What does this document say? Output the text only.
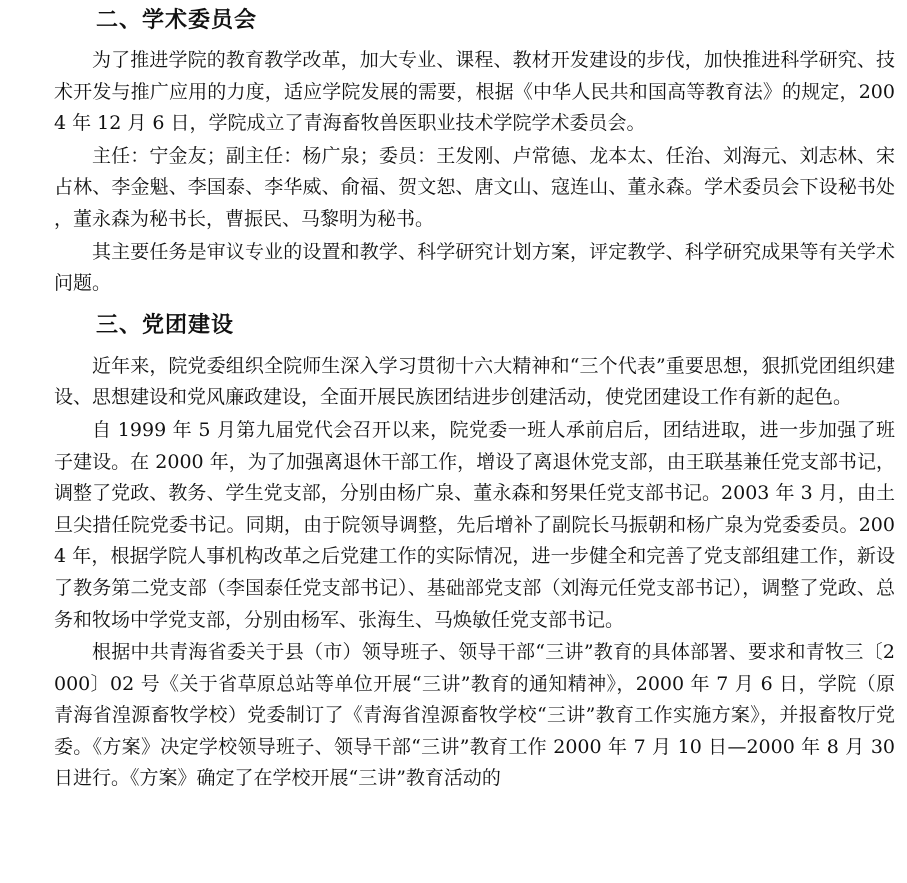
二、学术委员会

为了推进学院的教育教学改革，加大专业、课程、教材开发建设的步伐，加快推进科学研究、技术开发与推广应用的力度，适应学院发展的需要，根据《中华人民共和国高等教育法》的规定，2004 年 12 月 6 日，学院成立了青海畜牧兽医职业技术学院学术委员会。

主任：宁金友；副主任：杨广泉；委员：王发刚、卢常德、龙本太、任治、刘海元、刘志林、宋占林、李金魁、李国泰、李华威、俞福、贺文恕、唐文山、寇连山、董永森。学术委员会下设秘书处，董永森为秘书长，曹振民、马黎明为秘书。

其主要任务是审议专业的设置和教学、科学研究计划方案，评定教学、科学研究成果等有关学术问题。

三、党团建设

近年来，院党委组织全院师生深入学习贯彻十六大精神和“三个代表”重要思想，狠抓党团组织建设、思想建设和党风廉政建设，全面开展民族团结进步创建活动，使党团建设工作有新的起色。

自 1999 年 5 月第九届党代会召开以来，院党委一班人承前启后，团结进取，进一步加强了班子建设。在 2000 年，为了加强离退休干部工作，增设了离退休党支部，由王联基兼任党支部书记，调整了党政、教务、学生党支部，分别由杨广泉、董永森和努果任党支部书记。2003 年 3 月，由土旦尖措任院党委书记。同期，由于院领导调整，先后增补了副院长马振朝和杨广泉为党委委员。2004 年，根据学院人事机构改革之后党建工作的实际情况，进一步健全和完善了党支部组建工作，新设了教务第二党支部（李国泰任党支部书记）、基础部党支部（刘海元任党支部书记），调整了党政、总务和牧场中学党支部，分别由杨军、张海生、马焕敏任党支部书记。

根据中共青海省委关于县（市）领导班子、领导干部“三讲”教育的具体部署、要求和青牧三〔2000〕02 号《关于省草原总站等单位开展“三讲”教育的通知精神》，2000 年 7 月 6 日，学院（原青海省湟源畜牧学校）党委制订了《青海省湟源畜牧学校“三讲”教育工作实施方案》，并报畜牧厅党委。《方案》决定学校领导班子、领导干部“三讲”教育工作 2000 年 7 月 10 日—2000 年 8 月 30 日进行。《方案》确定了在学校开展“三讲”教育活动的
